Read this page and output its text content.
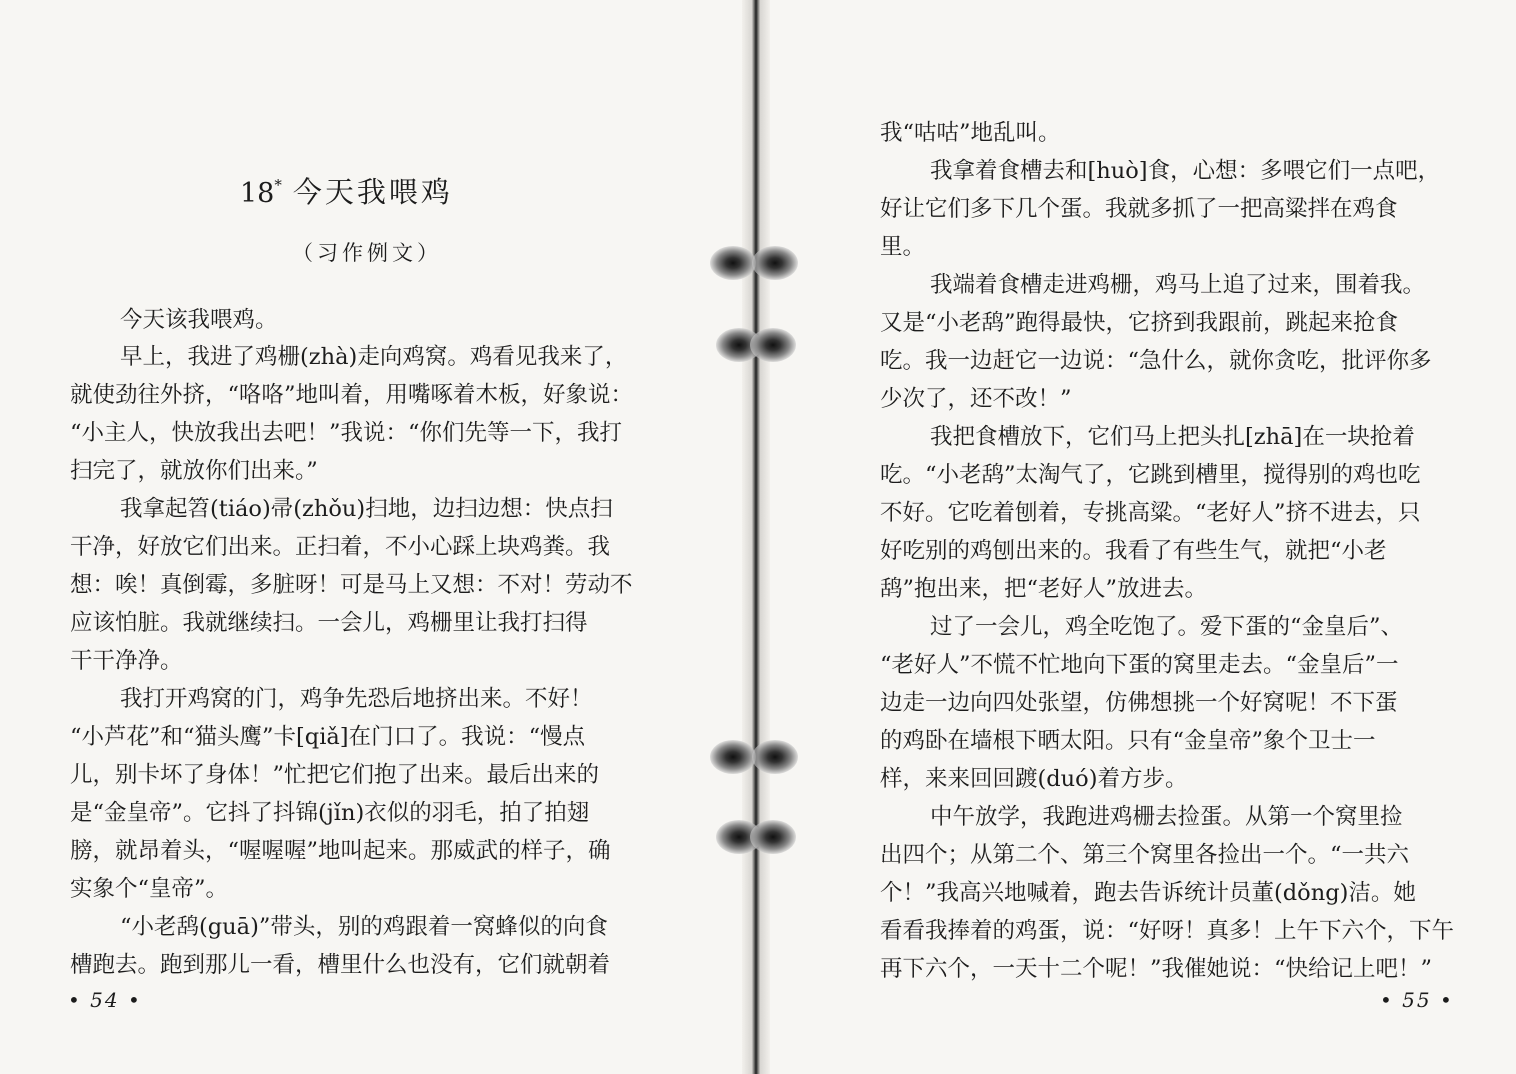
18* 今天我喂鸡
（习作例文）
今天该我喂鸡。
早上，我进了鸡栅(zhà)走向鸡窝。鸡看见我来了，
就使劲往外挤，“咯咯”地叫着，用嘴啄着木板，好象说：
“小主人，快放我出去吧！”我说：“你们先等一下，我打
扫完了，就放你们出来。”
我拿起笤(tiáo)帚(zhǒu)扫地，边扫边想：快点扫
干净，好放它们出来。正扫着，不小心踩上块鸡粪。我
想：唉！真倒霉，多脏呀！可是马上又想：不对！劳动不
应该怕脏。我就继续扫。一会儿，鸡栅里让我打扫得
干干净净。
我打开鸡窝的门，鸡争先恐后地挤出来。不好！
“小芦花”和“猫头鹰”卡[qiǎ]在门口了。我说：“慢点
儿，别卡坏了身体！”忙把它们抱了出来。最后出来的
是“金皇帝”。它抖了抖锦(jǐn)衣似的羽毛，拍了拍翅
膀，就昂着头，“喔喔喔”地叫起来。那威武的样子，确
实象个“皇帝”。
“小老鸹(guā)”带头，别的鸡跟着一窝蜂似的向食
槽跑去。跑到那儿一看，槽里什么也没有，它们就朝着
• 54 •
我“咕咕”地乱叫。
我拿着食槽去和[huò]食，心想：多喂它们一点吧，
好让它们多下几个蛋。我就多抓了一把高粱拌在鸡食
里。
我端着食槽走进鸡栅，鸡马上追了过来，围着我。
又是“小老鸹”跑得最快，它挤到我跟前，跳起来抢食
吃。我一边赶它一边说：“急什么，就你贪吃，批评你多
少次了，还不改！”
我把食槽放下，它们马上把头扎[zhā]在一块抢着
吃。“小老鸹”太淘气了，它跳到槽里，搅得别的鸡也吃
不好。它吃着刨着，专挑高粱。“老好人”挤不进去，只
好吃别的鸡刨出来的。我看了有些生气，就把“小老
鸹”抱出来，把“老好人”放进去。
过了一会儿，鸡全吃饱了。爱下蛋的“金皇后”、
“老好人”不慌不忙地向下蛋的窝里走去。“金皇后”一
边走一边向四处张望，仿佛想挑一个好窝呢！不下蛋
的鸡卧在墙根下晒太阳。只有“金皇帝”象个卫士一
样，来来回回踱(duó)着方步。
中午放学，我跑进鸡栅去捡蛋。从第一个窝里捡
出四个；从第二个、第三个窝里各捡出一个。“一共六
个！”我高兴地喊着，跑去告诉统计员董(dǒng)洁。她
看看我捧着的鸡蛋，说：“好呀！真多！上午下六个，下午
再下六个，一天十二个呢！”我催她说：“快给记上吧！”
• 55 •
